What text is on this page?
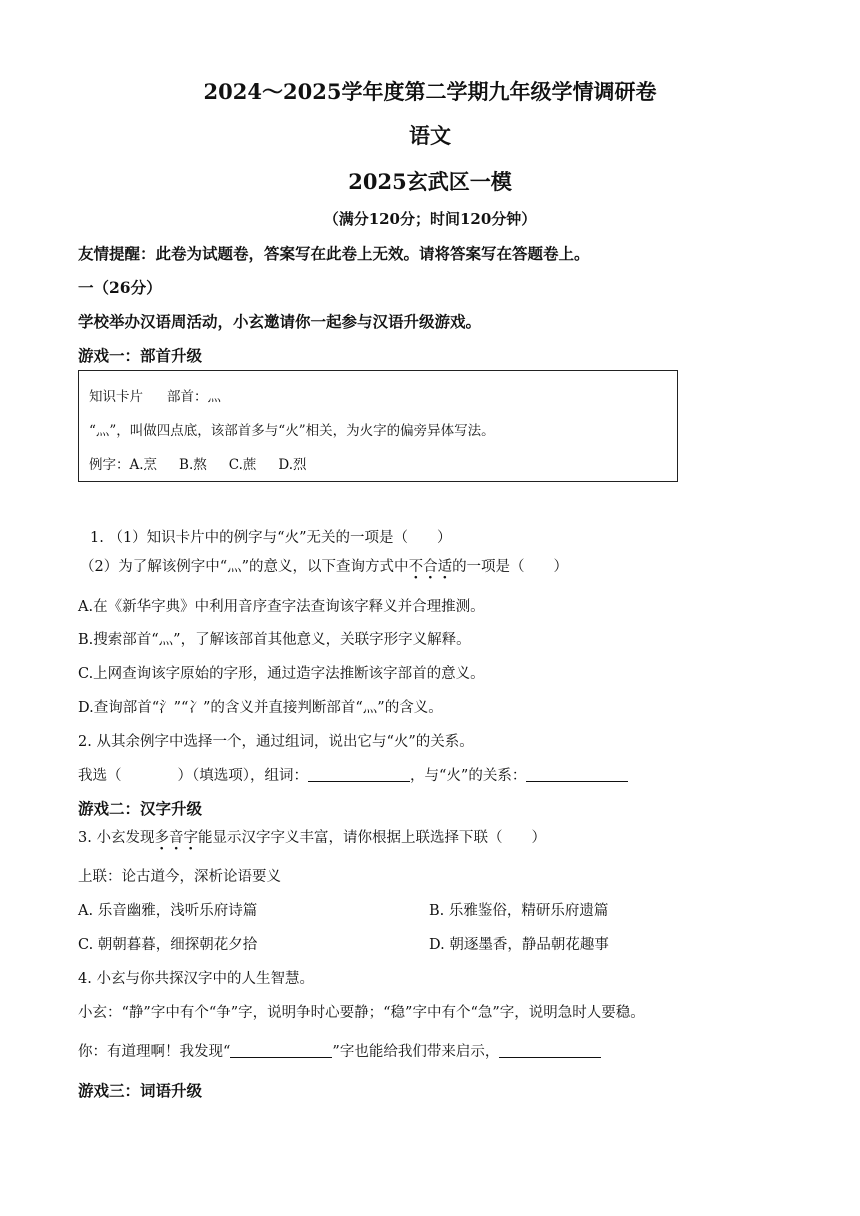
2024～2025学年度第二学期九年级学情调研卷
语文
2025玄武区一模
（满分120分；时间120分钟）
友情提醒：此卷为试题卷，答案写在此卷上无效。请将答案写在答题卷上。
一（26分）
学校举办汉语周活动，小玄邀请你一起参与汉语升级游戏。
游戏一：部首升级
知识卡片 部首：灬
“灬”，叫做四点底，该部首多与“火”相关，为火字的偏旁异体写法。
例字：A.烹 B.熬 C.蔗 D.烈
1. （1）知识卡片中的例字与“火”无关的一项是（　　）
（2）为了解该例字中“灬”的意义，以下查询方式中不合适的一项是（　　）
A.在《新华字典》中利用音序查字法查询该字释义并合理推测。
B.搜索部首“灬”，了解该部首其他意义，关联字形字义解释。
C.上网查询该字原始的字形，通过造字法推断该字部首的意义。
D.查询部首“氵”“冫”的含义并直接判断部首“灬”的含义。
2. 从其余例字中选择一个，通过组词，说出它与“火”的关系。
我选（	）（填选项），组词：	，与“火”的关系：
游戏二：汉字升级
3. 小玄发现多音字能显示汉字字义丰富，请你根据上联选择下联（　　）
上联：论古道今，深析论语要义
A. 乐音幽雅，浅听乐府诗篇	B. 乐雅鉴俗，精研乐府遗篇
C. 朝朝暮暮，细探朝花夕拾	D. 朝逐墨香，静品朝花趣事
4. 小玄与你共探汉字中的人生智慧。
小玄：“静”字中有个“争”字，说明争时心要静；“稳”字中有个“急”字，说明急时人要稳。
你：有道理啊！我发现“	”字也能给我们带来启示，
游戏三：词语升级
